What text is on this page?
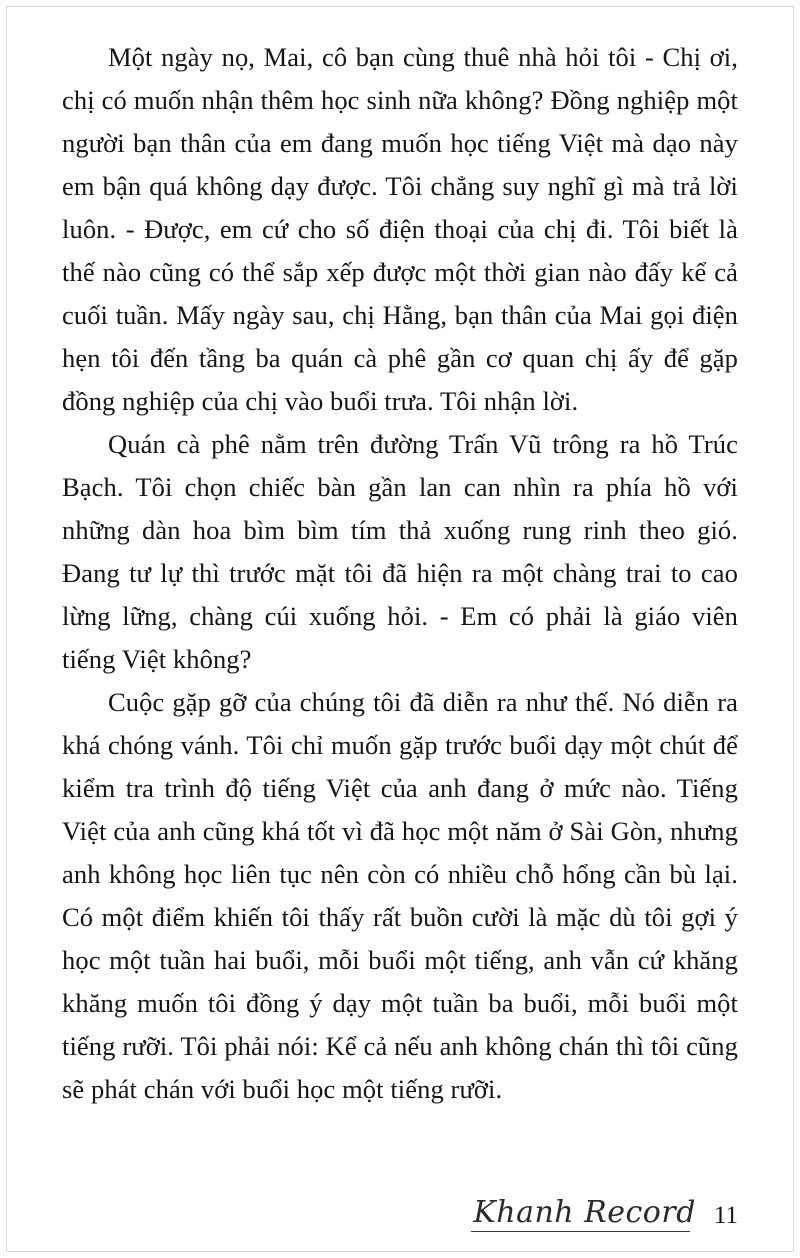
Một ngày nọ, Mai, cô bạn cùng thuê nhà hỏi tôi - Chị ơi, chị có muốn nhận thêm học sinh nữa không? Đồng nghiệp một người bạn thân của em đang muốn học tiếng Việt mà dạo này em bận quá không dạy được. Tôi chẳng suy nghĩ gì mà trả lời luôn. - Được, em cứ cho số điện thoại của chị đi. Tôi biết là thế nào cũng có thể sắp xếp được một thời gian nào đấy kể cả cuối tuần. Mấy ngày sau, chị Hằng, bạn thân của Mai gọi điện hẹn tôi đến tầng ba quán cà phê gần cơ quan chị ấy để gặp đồng nghiệp của chị vào buổi trưa. Tôi nhận lời.

Quán cà phê nằm trên đường Trấn Vũ trông ra hồ Trúc Bạch. Tôi chọn chiếc bàn gần lan can nhìn ra phía hồ với những dàn hoa bìm bìm tím thả xuống rung rinh theo gió. Đang tư lự thì trước mặt tôi đã hiện ra một chàng trai to cao lừng lững, chàng cúi xuống hỏi. - Em có phải là giáo viên tiếng Việt không?

Cuộc gặp gỡ của chúng tôi đã diễn ra như thế. Nó diễn ra khá chóng vánh. Tôi chỉ muốn gặp trước buổi dạy một chút để kiểm tra trình độ tiếng Việt của anh đang ở mức nào. Tiếng Việt của anh cũng khá tốt vì đã học một năm ở Sài Gòn, nhưng anh không học liên tục nên còn có nhiều chỗ hổng cần bù lại. Có một điểm khiến tôi thấy rất buồn cười là mặc dù tôi gợi ý học một tuần hai buổi, mỗi buổi một tiếng, anh vẫn cứ khăng khăng muốn tôi đồng ý dạy một tuần ba buổi, mỗi buổi một tiếng rưỡi. Tôi phải nói: Kể cả nếu anh không chán thì tôi cũng sẽ phát chán với buổi học một tiếng rưỡi.

Khanh Record 11
